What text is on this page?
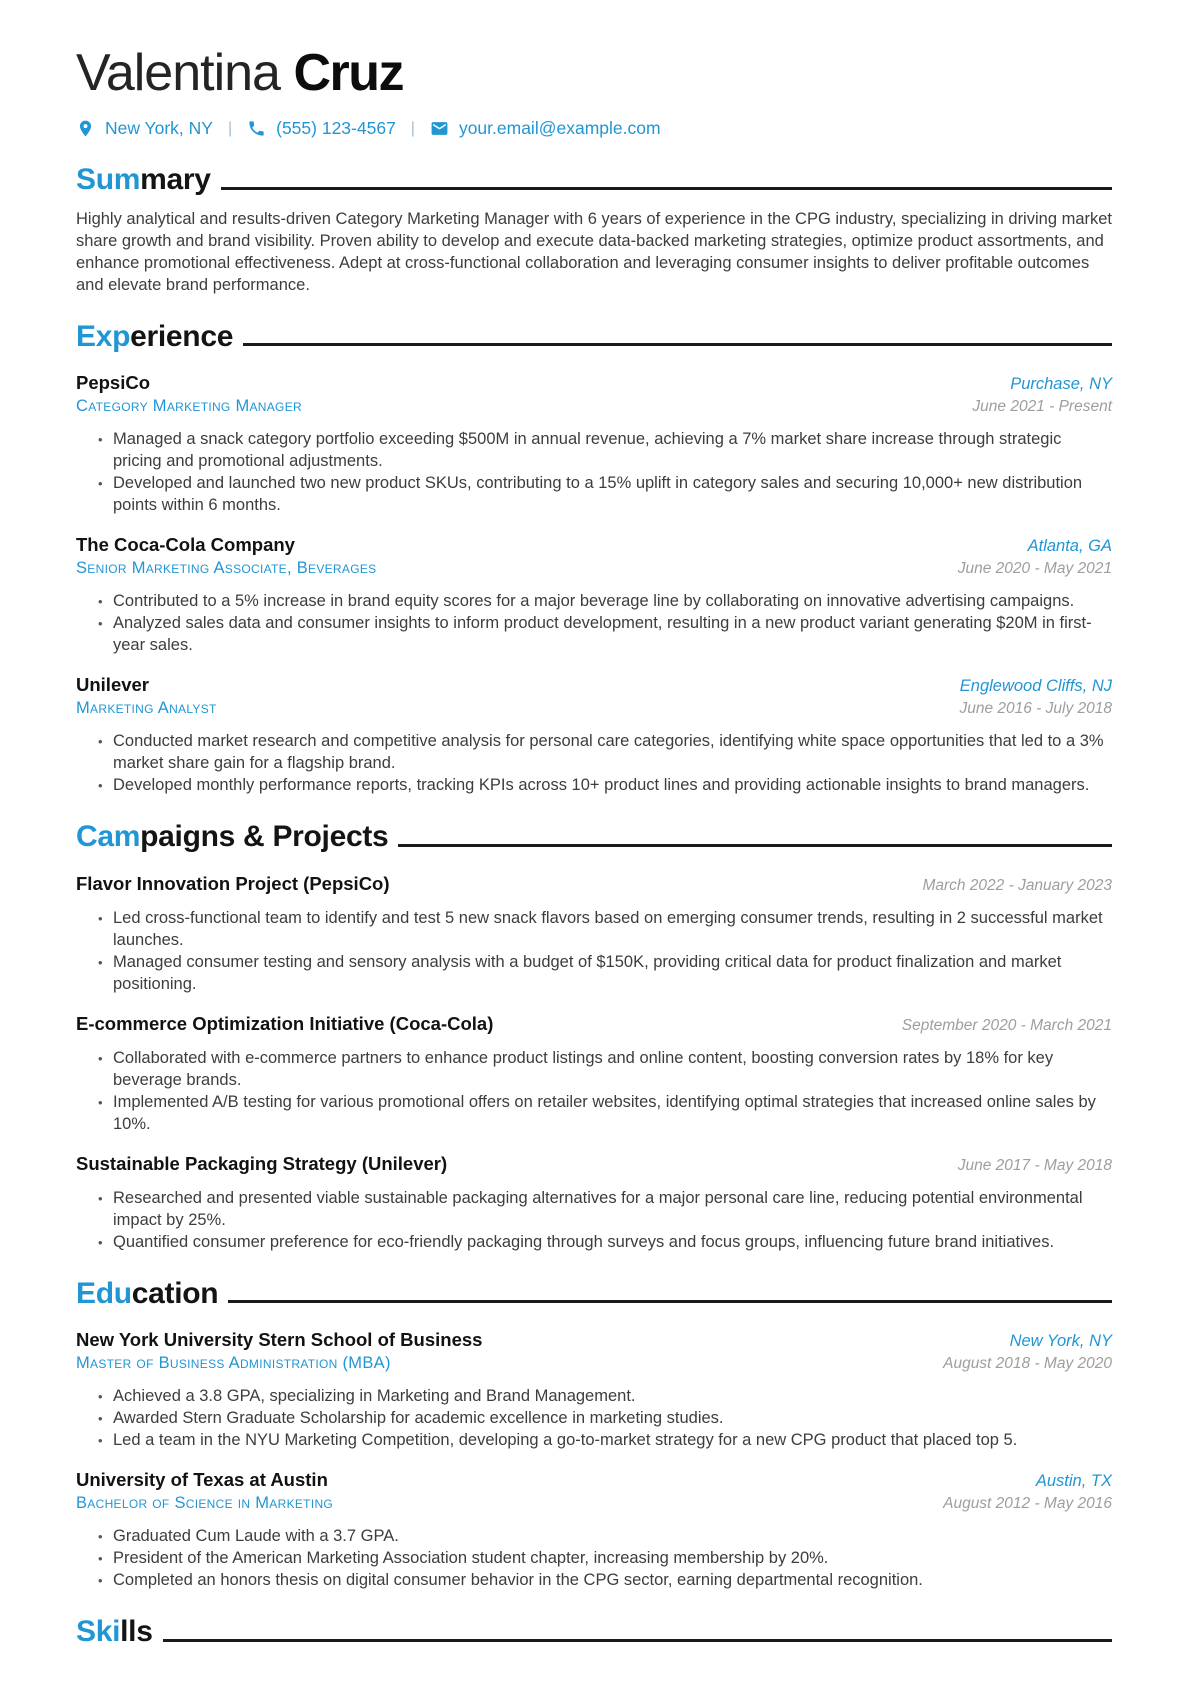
Valentina Cruz
New York, NY |	(555) 123-4567 |	your.email@example.com
Summary

Highly analytical and results-driven Category Marketing Manager with 6 years of experience in the CPG industry, specializing in driving market share growth and brand visibility. Proven ability to develop and execute data-backed marketing strategies, optimize product assortments, and enhance promotional effectiveness. Adept at cross-functional collaboration and leveraging consumer insights to deliver profitable outcomes and elevate brand performance.

Experience
PepsiCo	Purchase, NY
Category Marketing Manager	June 2021 - Present
• Managed a snack category portfolio exceeding $500M in annual revenue, achieving a 7% market share increase through strategic pricing and promotional adjustments.
• Developed and launched two new product SKUs, contributing to a 15% uplift in category sales and securing 10,000+ new distribution points within 6 months.
The Coca-Cola Company	Atlanta, GA
Senior Marketing Associate, Beverages	June 2020 - May 2021
• Contributed to a 5% increase in brand equity scores for a major beverage line by collaborating on innovative advertising campaigns.
• Analyzed sales data and consumer insights to inform product development, resulting in a new product variant generating $20M in first-year sales.
Unilever	Englewood Cliffs, NJ
Marketing Analyst	June 2016 - July 2018
• Conducted market research and competitive analysis for personal care categories, identifying white space opportunities that led to a 3% market share gain for a flagship brand.
• Developed monthly performance reports, tracking KPIs across 10+ product lines and providing actionable insights to brand managers.
Campaigns & Projects
Flavor Innovation Project (PepsiCo)	March 2022 - January 2023
• Led cross-functional team to identify and test 5 new snack flavors based on emerging consumer trends, resulting in 2 successful market launches.
• Managed consumer testing and sensory analysis with a budget of $150K, providing critical data for product finalization and market positioning.
E-commerce Optimization Initiative (Coca-Cola)	September 2020 - March 2021
• Collaborated with e-commerce partners to enhance product listings and online content, boosting conversion rates by 18% for key beverage brands.
• Implemented A/B testing for various promotional offers on retailer websites, identifying optimal strategies that increased online sales by 10%.
Sustainable Packaging Strategy (Unilever)	June 2017 - May 2018
• Researched and presented viable sustainable packaging alternatives for a major personal care line, reducing potential environmental impact by 25%.
• Quantified consumer preference for eco-friendly packaging through surveys and focus groups, influencing future brand initiatives.
Education
New York University Stern School of Business	New York, NY
Master of Business Administration (MBA)	August 2018 - May 2020
• Achieved a 3.8 GPA, specializing in Marketing and Brand Management.
• Awarded Stern Graduate Scholarship for academic excellence in marketing studies.
• Led a team in the NYU Marketing Competition, developing a go-to-market strategy for a new CPG product that placed top 5.
University of Texas at Austin	Austin, TX
Bachelor of Science in Marketing	August 2012 - May 2016
• Graduated Cum Laude with a 3.7 GPA.
• President of the American Marketing Association student chapter, increasing membership by 20%.
• Completed an honors thesis on digital consumer behavior in the CPG sector, earning departmental recognition.
Skills
